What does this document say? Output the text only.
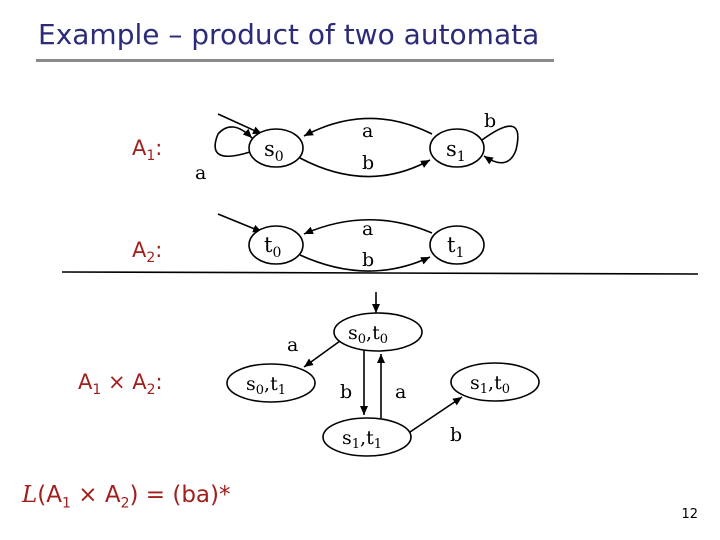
Example – product of two automata
$A_1$:
$A_2$:
$A_1 \times A_2$:
$s_0$	$s_1$
a
a
b
b
$t_0$	$t_1$
a
b
$s_0,t_0$
$s_0,t_1$	$s_1,t_0$
$s_1,t_1$
a
b a
b
$L(A_1 \times A_2) = (ba)*$
12
